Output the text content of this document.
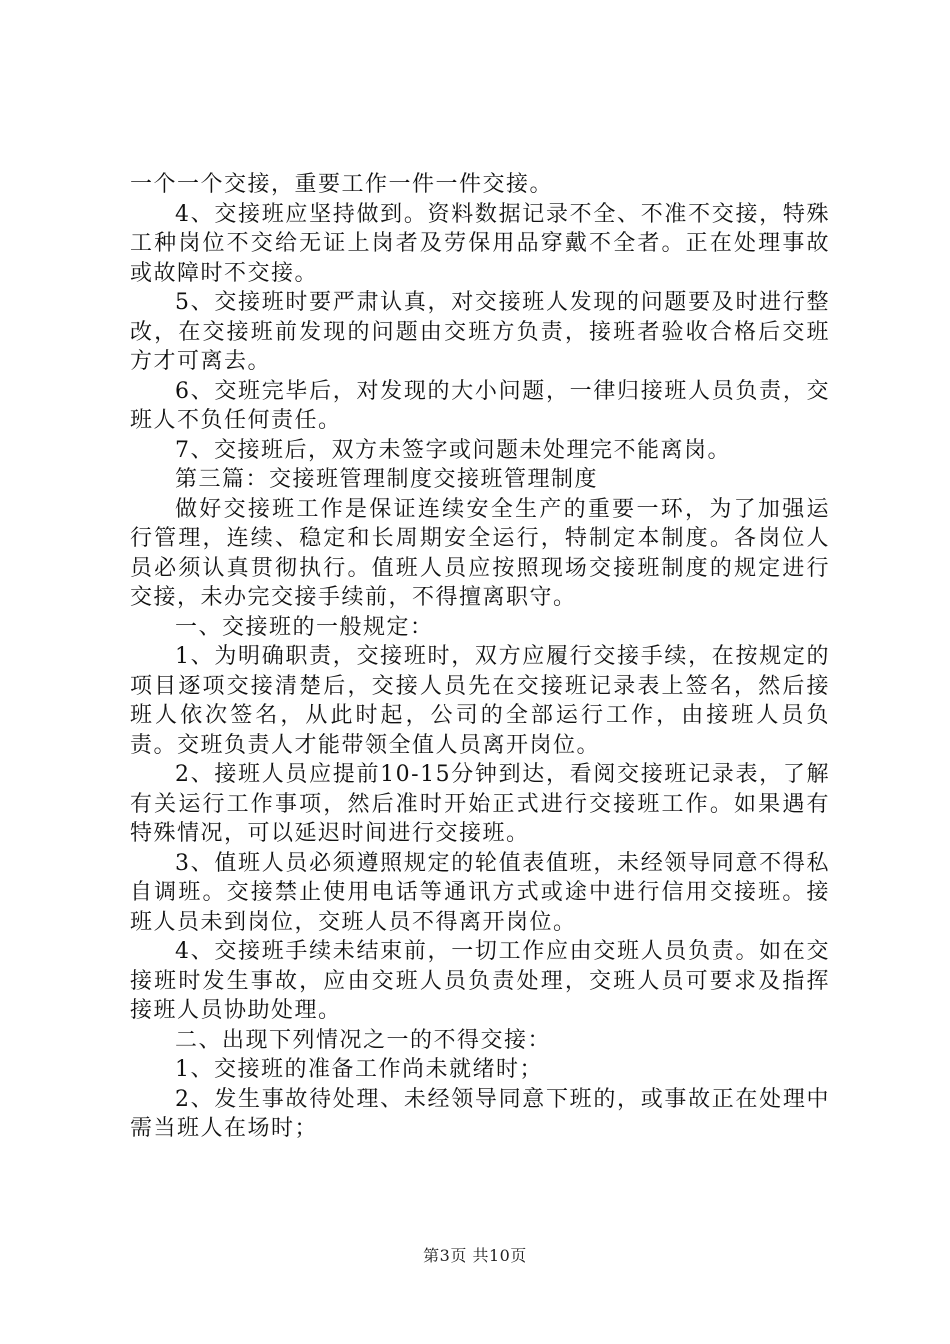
一个一个交接，重要工作一件一件交接。

4、交接班应坚持做到。资料数据记录不全、不准不交接，特殊工种岗位不交给无证上岗者及劳保用品穿戴不全者。正在处理事故或故障时不交接。

5、交接班时要严肃认真，对交接班人发现的问题要及时进行整改，在交接班前发现的问题由交班方负责，接班者验收合格后交班方才可离去。

6、交班完毕后，对发现的大小问题，一律归接班人员负责，交班人不负任何责任。

7、交接班后，双方未签字或问题未处理完不能离岗。

第三篇：交接班管理制度交接班管理制度

做好交接班工作是保证连续安全生产的重要一环，为了加强运行管理，连续、稳定和长周期安全运行，特制定本制度。各岗位人员必须认真贯彻执行。值班人员应按照现场交接班制度的规定进行交接，未办完交接手续前，不得擅离职守。

一、交接班的一般规定：

1、为明确职责，交接班时，双方应履行交接手续，在按规定的项目逐项交接清楚后，交接人员先在交接班记录表上签名，然后接班人依次签名，从此时起，公司的全部运行工作，由接班人员负责。交班负责人才能带领全值人员离开岗位。

2、接班人员应提前10-15分钟到达，看阅交接班记录表，了解有关运行工作事项，然后准时开始正式进行交接班工作。如果遇有特殊情况，可以延迟时间进行交接班。

3、值班人员必须遵照规定的轮值表值班，未经领导同意不得私自调班。交接禁止使用电话等通讯方式或途中进行信用交接班。接班人员未到岗位，交班人员不得离开岗位。

4、交接班手续未结束前，一切工作应由交班人员负责。如在交接班时发生事故，应由交班人员负责处理，交班人员可要求及指挥接班人员协助处理。

二、出现下列情况之一的不得交接：

1、交接班的准备工作尚未就绪时；

2、发生事故待处理、未经领导同意下班的，或事故正在处理中需当班人在场时；

第3页 共10页
